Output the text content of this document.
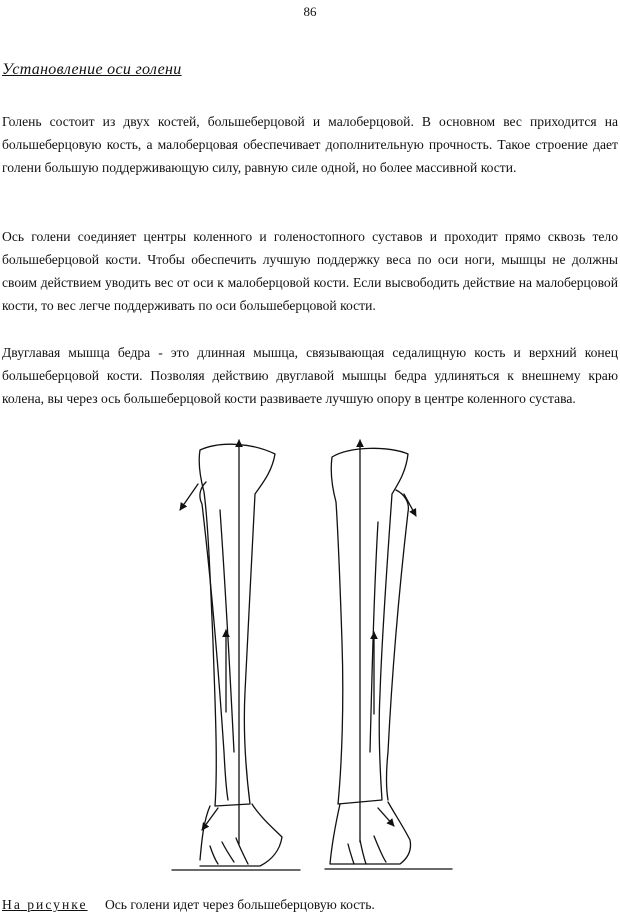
86
Установление оси голени

Голень состоит из двух костей, большеберцовой и малоберцовой. В основном вес приходится на большеберцовую кость, а малоберцовая обеспечивает дополнительную прочность. Такое строение дает голени большую поддерживающую силу, равную силе одной, но более массивной кости.

Ось голени соединяет центры коленного и голеностопного суставов и проходит прямо сквозь тело большеберцовой кости. Чтобы обеспечить лучшую поддержку веса по оси ноги, мышцы не должны своим действием уводить вес от оси к малоберцовой кости. Если высвободить действие на малоберцовой кости, то вес легче поддерживать по оси большеберцовой кости.

Двуглавая мышца бедра - это длинная мышца, связывающая седалищную кость и верхний конец большеберцовой кости. Позволяя действию двуглавой мышцы бедра удлиняться к внешнему краю колена, вы через ось большеберцовой кости развиваете лучшую опору в центре коленного сустава.

На рисунке Ось голени идет через большеберцовую кость.
